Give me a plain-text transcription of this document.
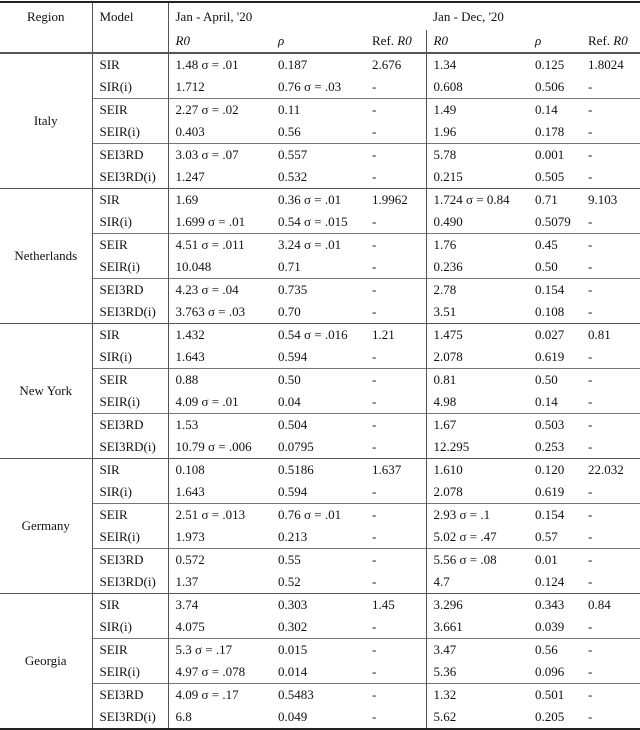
Region	Model	Jan - April, '20			Jan - Dec, '20		
		R0	ρ	Ref. R0	R0	ρ	Ref. R0
Italy	SIR	1.48 σ = .01	0.187	2.676	1.34	0.125	1.8024
	SIR(i)	1.712	0.76 σ = .03	-	0.608	0.506	-
	SEIR	2.27 σ = .02	0.11	-	1.49	0.14	-
	SEIR(i)	0.403	0.56	-	1.96	0.178	-
	SEI3RD	3.03 σ = .07	0.557	-	5.78	0.001	-
	SEI3RD(i)	1.247	0.532	-	0.215	0.505	-
Netherlands	SIR	1.69	0.36 σ = .01	1.9962	1.724 σ = 0.84	0.71	9.103
	SIR(i)	1.699 σ = .01	0.54 σ = .015	-	0.490	0.5079	-
	SEIR	4.51 σ = .011	3.24 σ = .01	-	1.76	0.45	-
	SEIR(i)	10.048	0.71	-	0.236	0.50	-
	SEI3RD	4.23 σ = .04	0.735	-	2.78	0.154	-
	SEI3RD(i)	3.763 σ = .03	0.70	-	3.51	0.108	-
New York	SIR	1.432	0.54 σ = .016	1.21	1.475	0.027	0.81
	SIR(i)	1.643	0.594	-	2.078	0.619	-
	SEIR	0.88	0.50	-	0.81	0.50	-
	SEIR(i)	4.09 σ = .01	0.04	-	4.98	0.14	-
	SEI3RD	1.53	0.504	-	1.67	0.503	-
	SEI3RD(i)	10.79 σ = .006	0.0795	-	12.295	0.253	-
Germany	SIR	0.108	0.5186	1.637	1.610	0.120	22.032
	SIR(i)	1.643	0.594	-	2.078	0.619	-
	SEIR	2.51 σ = .013	0.76 σ = .01	-	2.93 σ = .1	0.154	-
	SEIR(i)	1.973	0.213	-	5.02 σ = .47	0.57	-
	SEI3RD	0.572	0.55	-	5.56 σ = .08	0.01	-
	SEI3RD(i)	1.37	0.52	-	4.7	0.124	-
Georgia	SIR	3.74	0.303	1.45	3.296	0.343	0.84
	SIR(i)	4.075	0.302	-	3.661	0.039	-
	SEIR	5.3 σ = .17	0.015	-	3.47	0.56	-
	SEIR(i)	4.97 σ = .078	0.014	-	5.36	0.096	-
	SEI3RD	4.09 σ = .17	0.5483	-	1.32	0.501	-
	SEI3RD(i)	6.8	0.049	-	5.62	0.205	-
